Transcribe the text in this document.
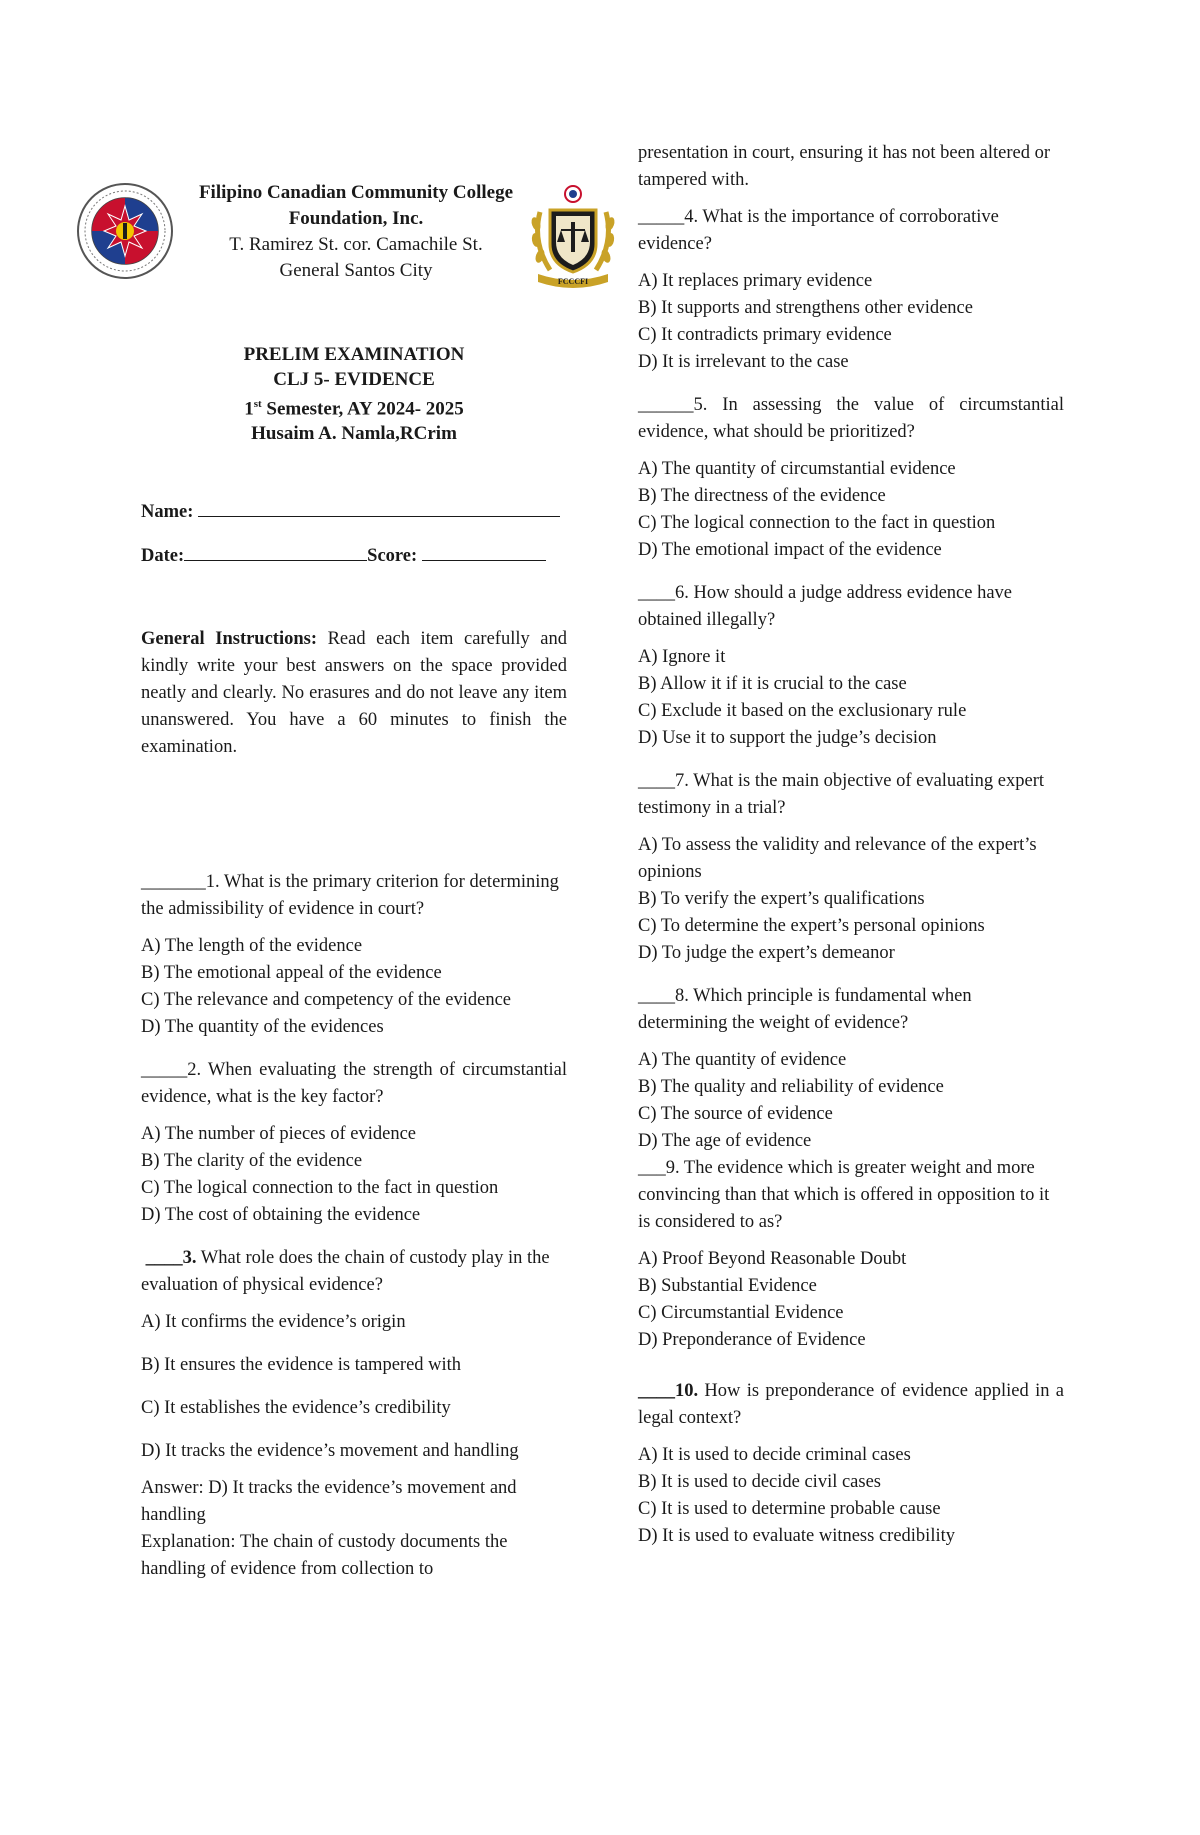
FCCCFI

Filipino Canadian Community College

Foundation, Inc.

T. Ramirez St. cor. Camachile St.

General Santos City

PRELIM EXAMINATION

CLJ 5- EVIDENCE

1st Semester, AY 2024- 2025

Husaim A. Namla,RCrim

Name:

Date:	Score:

General Instructions: Read each item carefully and kindly write your best answers on the space provided neatly and clearly. No erasures and do not leave any item unanswered. You have a 60 minutes to finish the examination.

_______1. What is the primary criterion for determining the admissibility of evidence in court?

A) The length of the evidence

B) The emotional appeal of the evidence

C) The relevance and competency of the evidence

D) The quantity of the evidences

_____2. When evaluating the strength of circumstantial evidence, what is the key factor?

A) The number of pieces of evidence

B) The clarity of the evidence

C) The logical connection to the fact in question

D) The cost of obtaining the evidence

____3. What role does the chain of custody play in the evaluation of physical evidence?

A) It confirms the evidence’s origin

B) It ensures the evidence is tampered with

C) It establishes the evidence’s credibility

D) It tracks the evidence’s movement and handling

Answer: D) It tracks the evidence’s movement and handling

Explanation: The chain of custody documents the handling of evidence from collection to

presentation in court, ensuring it has not been altered or tampered with.

_____4. What is the importance of corroborative evidence?

A) It replaces primary evidence

B) It supports and strengthens other evidence

C) It contradicts primary evidence

D) It is irrelevant to the case

______5. In assessing the value of circumstantial evidence, what should be prioritized?

A) The quantity of circumstantial evidence

B) The directness of the evidence

C) The logical connection to the fact in question

D) The emotional impact of the evidence

____6. How should a judge address evidence have obtained illegally?

A) Ignore it

B) Allow it if it is crucial to the case

C) Exclude it based on the exclusionary rule

D) Use it to support the judge’s decision

____7. What is the main objective of evaluating expert testimony in a trial?

A) To assess the validity and relevance of the expert’s opinions

B) To verify the expert’s qualifications

C) To determine the expert’s personal opinions

D) To judge the expert’s demeanor

____8. Which principle is fundamental when determining the weight of evidence?

A) The quantity of evidence

B) The quality and reliability of evidence

C) The source of evidence

D) The age of evidence

___9. The evidence which is greater weight and more convincing than that which is offered in opposition to it is considered to as?

A) Proof Beyond Reasonable Doubt

B) Substantial Evidence

C) Circumstantial Evidence

D) Preponderance of Evidence

____10. How is preponderance of evidence applied in a legal context?

A) It is used to decide criminal cases

B) It is used to decide civil cases

C) It is used to determine probable cause

D) It is used to evaluate witness credibility
